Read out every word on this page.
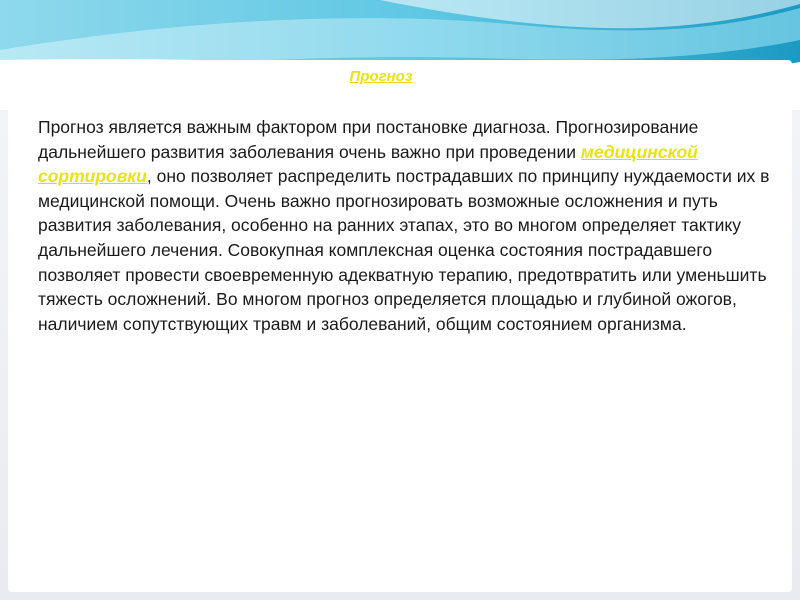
Прогноз

Прогноз является важным фактором при постановке диагноза. Прогнозирование дальнейшего развития заболевания очень важно при проведении медицинской сортировки, оно позволяет распределить пострадавших по принципу нуждаемости их в медицинской помощи. Очень важно прогнозировать возможные осложнения и путь развития заболевания, особенно на ранних этапах, это во многом определяет тактику дальнейшего лечения. Совокупная комплексная оценка состояния пострадавшего позволяет провести своевременную адекватную терапию, предотвратить или уменьшить тяжесть осложнений. Во многом прогноз определяется площадью и глубиной ожогов, наличием сопутствующих травм и заболеваний, общим состоянием организма.
